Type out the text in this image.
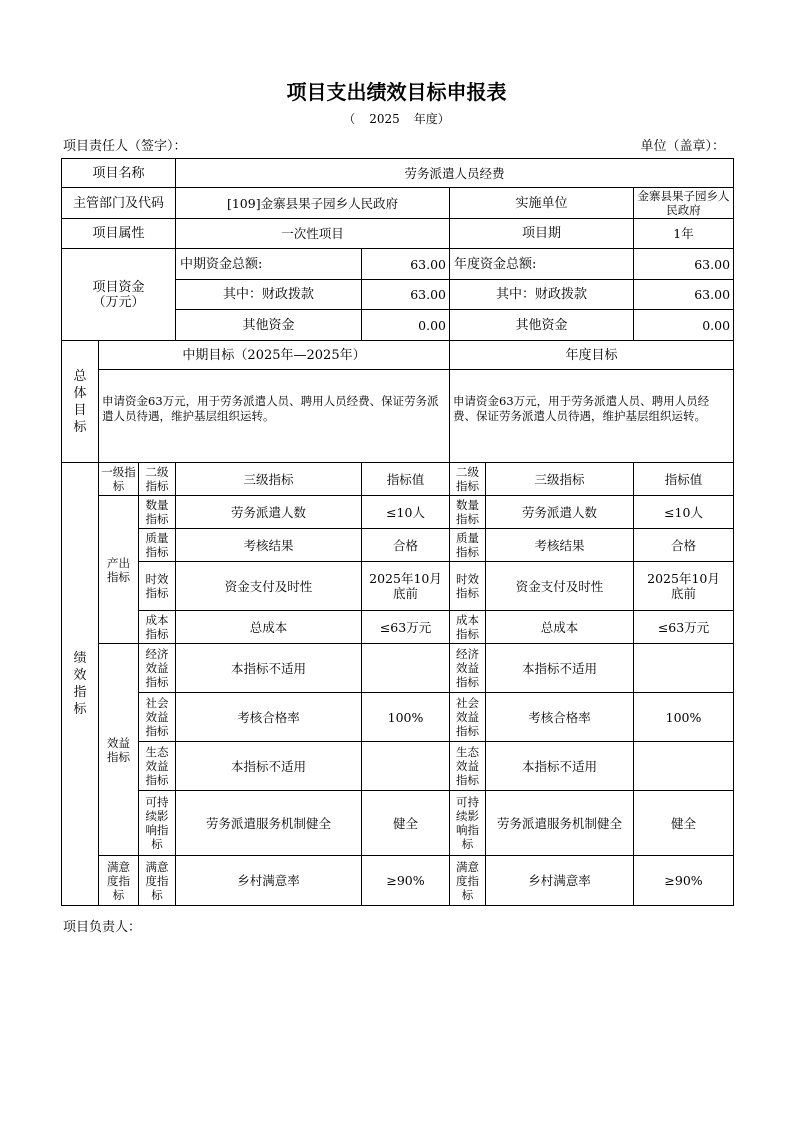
项目支出绩效目标申报表
（ 2025 年度）
项目责任人（签字）：	单位（盖章）：
项目名称			劳务派遣人员经费				
主管部门及代码			[109]金寨县果子园乡人民政府		实施单位		金寨县果子园乡人民政府
项目属性			一次性项目		项目期		1年
项目资金（万元）			中期资金总额:	63.00	年度资金总额:		63.00
			其中：财政拨款	63.00	其中：财政拨款		63.00
			其他资金	0.00	其他资金		0.00
总体目标	中期目标（2025年—2025年）				年度目标		
	申请资金63万元，用于劳务派遣人员、聘用人员经费、保证劳务派遣人员待遇，维护基层组织运转。				申请资金63万元，用于劳务派遣人员、聘用人员经费、保证劳务派遣人员待遇，维护基层组织运转。		
绩效指标	一级指标	二级指标	三级指标	指标值	二级指标	三级指标	指标值
	产出指标	数量指标	劳务派遣人数	≤10人	数量指标	劳务派遣人数	≤10人
		质量指标	考核结果	合格	质量指标	考核结果	合格
		时效指标	资金支付及时性	2025年10月底前	时效指标	资金支付及时性	2025年10月底前
		成本指标	总成本	≤63万元	成本指标	总成本	≤63万元
	效益指标	经济效益指标	本指标不适用		经济效益指标	本指标不适用	
		社会效益指标	考核合格率	100%	社会效益指标	考核合格率	100%
		生态效益指标	本指标不适用		生态效益指标	本指标不适用	
		可持续影响指标	劳务派遣服务机制健全	健全	可持续影响指标	劳务派遣服务机制健全	健全
	满意度指标	满意度指标	乡村满意率	≥90%	满意度指标	乡村满意率	≥90%
项目负责人：
